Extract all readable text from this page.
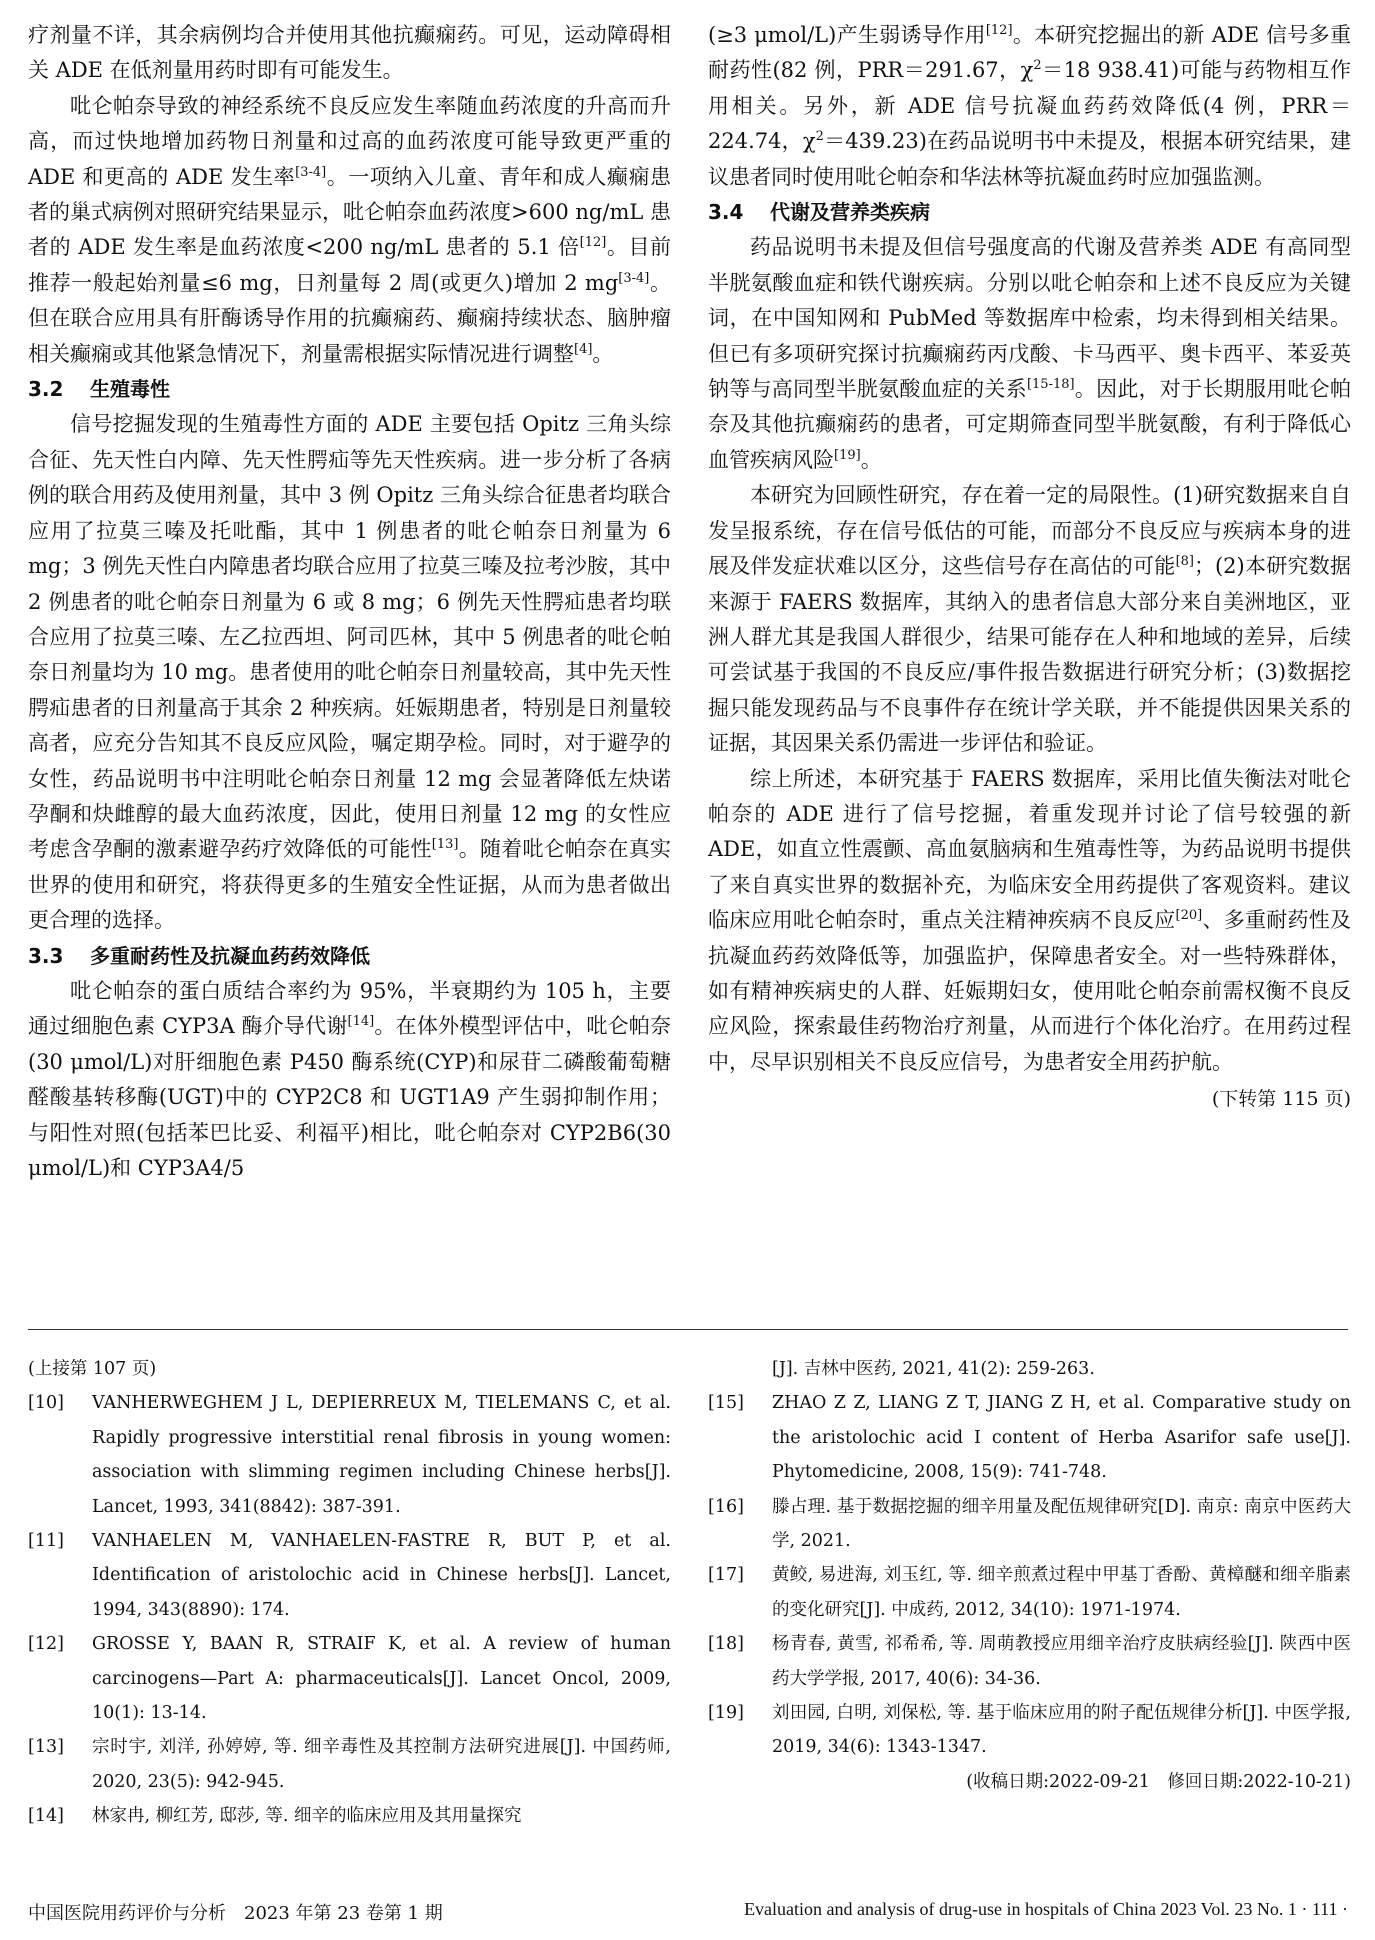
疗剂量不详，其余病例均合并使用其他抗癫痫药。可见，运动障碍相关 ADE 在低剂量用药时即有可能发生。

吡仑帕奈导致的神经系统不良反应发生率随血药浓度的升高而升高，而过快地增加药物日剂量和过高的血药浓度可能导致更严重的 ADE 和更高的 ADE 发生率[3-4]。一项纳入儿童、青年和成人癫痫患者的巢式病例对照研究结果显示，吡仑帕奈血药浓度>600 ng/mL 患者的 ADE 发生率是血药浓度<200 ng/mL 患者的 5.1 倍[12]。目前推荐一般起始剂量≤6 mg，日剂量每 2 周(或更久)增加 2 mg[3-4]。但在联合应用具有肝酶诱导作用的抗癫痫药、癫痫持续状态、脑肿瘤相关癫痫或其他紧急情况下，剂量需根据实际情况进行调整[4]。

3.2 生殖毒性

信号挖掘发现的生殖毒性方面的 ADE 主要包括 Opitz 三角头综合征、先天性白内障、先天性腭疝等先天性疾病。进一步分析了各病例的联合用药及使用剂量，其中 3 例 Opitz 三角头综合征患者均联合应用了拉莫三嗪及托吡酯，其中 1 例患者的吡仑帕奈日剂量为 6 mg；3 例先天性白内障患者均联合应用了拉莫三嗪及拉考沙胺，其中 2 例患者的吡仑帕奈日剂量为 6 或 8 mg；6 例先天性腭疝患者均联合应用了拉莫三嗪、左乙拉西坦、阿司匹林，其中 5 例患者的吡仑帕奈日剂量均为 10 mg。患者使用的吡仑帕奈日剂量较高，其中先天性腭疝患者的日剂量高于其余 2 种疾病。妊娠期患者，特别是日剂量较高者，应充分告知其不良反应风险，嘱定期孕检。同时，对于避孕的女性，药品说明书中注明吡仑帕奈日剂量 12 mg 会显著降低左炔诺孕酮和炔雌醇的最大血药浓度，因此，使用日剂量 12 mg 的女性应考虑含孕酮的激素避孕药疗效降低的可能性[13]。随着吡仑帕奈在真实世界的使用和研究，将获得更多的生殖安全性证据，从而为患者做出更合理的选择。

3.3 多重耐药性及抗凝血药药效降低

吡仑帕奈的蛋白质结合率约为 95%，半衰期约为 105 h，主要通过细胞色素 CYP3A 酶介导代谢[14]。在体外模型评估中，吡仑帕奈(30 μmol/L)对肝细胞色素 P450 酶系统(CYP)和尿苷二磷酸葡萄糖醛酸基转移酶(UGT)中的 CYP2C8 和 UGT1A9 产生弱抑制作用；与阳性对照(包括苯巴比妥、利福平)相比，吡仑帕奈对 CYP2B6(30 μmol/L)和 CYP3A4/5

(≥3 μmol/L)产生弱诱导作用[12]。本研究挖掘出的新 ADE 信号多重耐药性(82 例，PRR＝291.67，$\chi^2=18$ 938.41)可能与药物相互作用相关。另外，新 ADE 信号抗凝血药药效降低(4 例，PRR＝224.74，$\chi^2=439.23$)在药品说明书中未提及，根据本研究结果，建议患者同时使用吡仑帕奈和华法林等抗凝血药时应加强监测。

3.4 代谢及营养类疾病

药品说明书未提及但信号强度高的代谢及营养类 ADE 有高同型半胱氨酸血症和铁代谢疾病。分别以吡仑帕奈和上述不良反应为关键词，在中国知网和 PubMed 等数据库中检索，均未得到相关结果。但已有多项研究探讨抗癫痫药丙戊酸、卡马西平、奥卡西平、苯妥英钠等与高同型半胱氨酸血症的关系[15-18]。因此，对于长期服用吡仑帕奈及其他抗癫痫药的患者，可定期筛查同型半胱氨酸，有利于降低心血管疾病风险[19]。

本研究为回顾性研究，存在着一定的局限性。(1)研究数据来自自发呈报系统，存在信号低估的可能，而部分不良反应与疾病本身的进展及伴发症状难以区分，这些信号存在高估的可能[8]；(2)本研究数据来源于 FAERS 数据库，其纳入的患者信息大部分来自美洲地区，亚洲人群尤其是我国人群很少，结果可能存在人种和地域的差异，后续可尝试基于我国的不良反应/事件报告数据进行研究分析；(3)数据挖掘只能发现药品与不良事件存在统计学关联，并不能提供因果关系的证据，其因果关系仍需进一步评估和验证。

综上所述，本研究基于 FAERS 数据库，采用比值失衡法对吡仑帕奈的 ADE 进行了信号挖掘，着重发现并讨论了信号较强的新 ADE，如直立性震颤、高血氨脑病和生殖毒性等，为药品说明书提供了来自真实世界的数据补充，为临床安全用药提供了客观资料。建议临床应用吡仑帕奈时，重点关注精神疾病不良反应[20]、多重耐药性及抗凝血药药效降低等，加强监护，保障患者安全。对一些特殊群体，如有精神疾病史的人群、妊娠期妇女，使用吡仑帕奈前需权衡不良反应风险，探索最佳药物治疗剂量，从而进行个体化治疗。在用药过程中，尽早识别相关不良反应信号，为患者安全用药护航。

(下转第 115 页)

(上接第 107 页)

[10]	VANHERWEGHEM J L, DEPIERREUX M, TIELEMANS C, et al. Rapidly progressive interstitial renal fibrosis in young women: association with slimming regimen including Chinese herbs[J]. Lancet, 1993, 341(8842): 387-391.
[11]	VANHAELEN M, VANHAELEN-FASTRE R, BUT P, et al. Identification of aristolochic acid in Chinese herbs[J]. Lancet, 1994, 343(8890): 174.
[12]	GROSSE Y, BAAN R, STRAIF K, et al. A review of human carcinogens—Part A: pharmaceuticals[J]. Lancet Oncol, 2009, 10(1): 13-14.
[13]	宗时宇, 刘洋, 孙婷婷, 等. 细辛毒性及其控制方法研究进展[J]. 中国药师, 2020, 23(5): 942-945.
[14]	林家冉, 柳红芳, 邸莎, 等. 细辛的临床应用及其用量探究

[J]. 吉林中医药, 2021, 41(2): 259-263.

[15]	ZHAO Z Z, LIANG Z T, JIANG Z H, et al. Comparative study on the aristolochic acid I content of Herba Asarifor safe use[J]. Phytomedicine, 2008, 15(9): 741-748.
[16]	滕占理. 基于数据挖掘的细辛用量及配伍规律研究[D]. 南京: 南京中医药大学, 2021.
[17]	黄鲛, 易进海, 刘玉红, 等. 细辛煎煮过程中甲基丁香酚、黄樟醚和细辛脂素的变化研究[J]. 中成药, 2012, 34(10): 1971-1974.
[18]	杨青春, 黄雪, 祁希希, 等. 周萌教授应用细辛治疗皮肤病经验[J]. 陕西中医药大学学报, 2017, 40(6): 34-36.
[19]	刘田园, 白明, 刘保松, 等. 基于临床应用的附子配伍规律分析[J]. 中医学报, 2019, 34(6): 1343-1347.

(收稿日期:2022-09-21　修回日期:2022-10-21)

中国医院用药评价与分析　2023 年第 23 卷第 1 期	Evaluation and analysis of drug-use in hospitals of China 2023 Vol. 23 No. 1 · 111 ·
